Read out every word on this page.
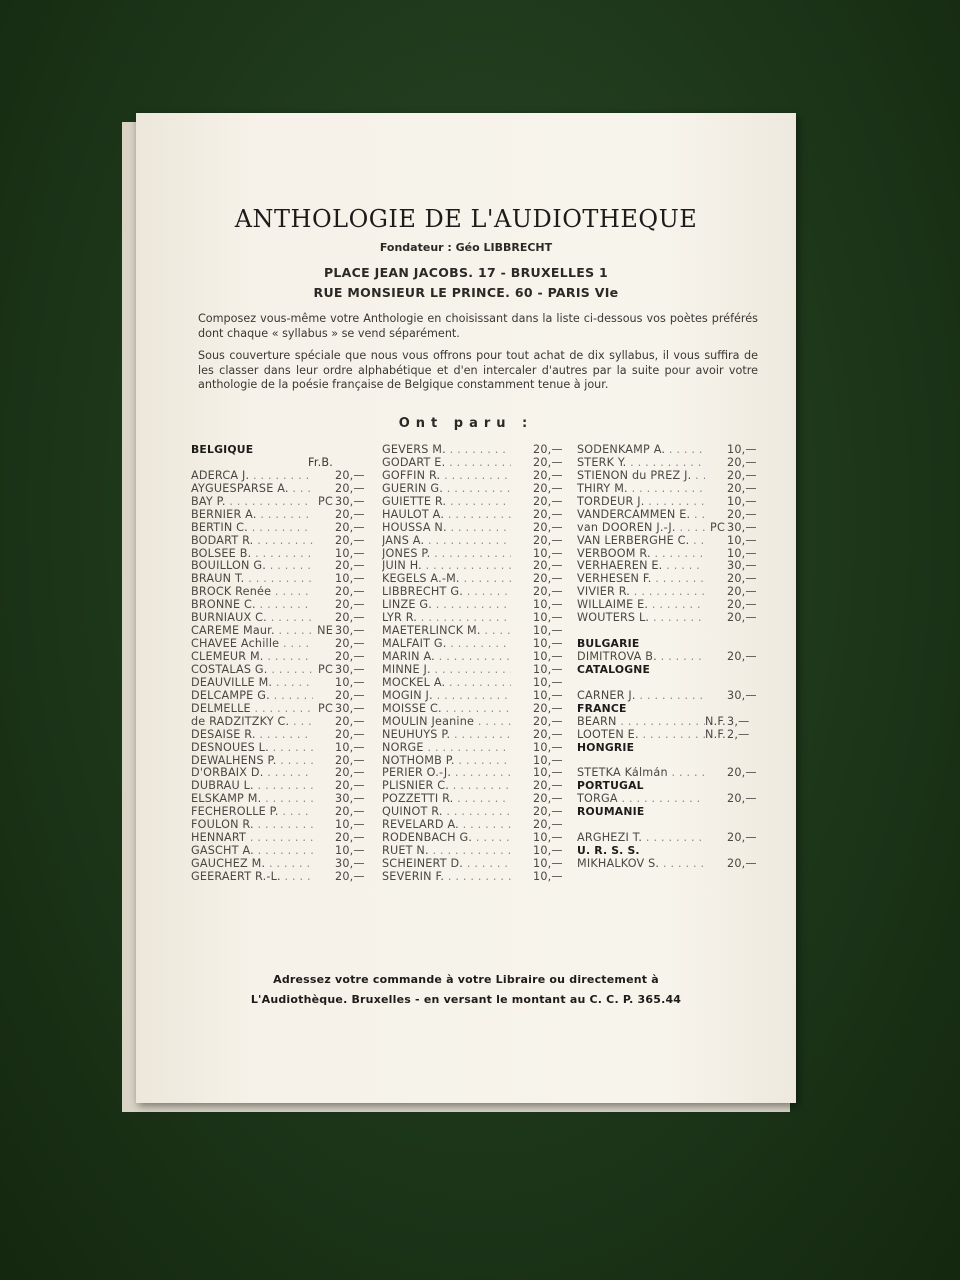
ANTHOLOGIE DE L'AUDIOTHEQUE
Fondateur : Géo LIBBRECHT
PLACE JEAN JACOBS. 17 - BRUXELLES 1
RUE MONSIEUR LE PRINCE. 60 - PARIS VIe
Composez vous-même votre Anthologie en choisissant dans la liste ci-dessous vos poètes préférés dont chaque « syllabus » se vend séparément.
Sous couverture spéciale que nous vous offrons pour tout achat de dix syllabus, il vous suffira de les classer dans leur ordre alphabétique et d'en intercaler d'autres par la suite pour avoir votre anthologie de la poésie française de Belgique constamment tenue à jour.
Ont paru :
BELGIQUE
Fr.B.
ADERCA J. . . .	20,—
AYGUESPARSE A. . . .	20,—
BAY P. . . .	PC 30,—
BERNIER A. . . .	20,—
BERTIN C. . . .	20,—
BODART R. . . .	20,—
BOLSEE B. . . .	10,—
BOUILLON G. . . .	20,—
BRAUN T. . . .	10,—
BROCK Renée . . .	20,—
BRONNE C. . . .	20,—
BURNIAUX C. . . .	20,—
CAREME Maur. . . .	NE 30,—
CHAVEE Achille . . .	20,—
CLEMEUR M. . . .	20,—
COSTALAS G. . . .	PC 30,—
DEAUVILLE M. . . .	10,—
DELCAMPE G. . . .	20,—
DELMELLE . . .	PC 30,—
de RADZITZKY C. . . .	20,—
DESAISE R. . . .	20,—
DESNOUES L. . . .	10,—
DEWALHENS P. . . .	20,—
D'ORBAIX D. . . .	20,—
DUBRAU L. . . .	20,—
ELSKAMP M. . . .	30,—
FECHEROLLE P. . . .	20,—
FOULON R. . . .	10,—
HENNART . . .	20,—
GASCHT A. . . .	10,—
GAUCHEZ M. . . .	30,—
GEERAERT R.-L. . . .	20,—
GEVERS M. . . .	20,—
GODART E. . . .	20,—
GOFFIN R. . . .	20,—
GUERIN G. . . .	20,—
GUIETTE R. . . .	20,—
HAULOT A. . . .	20,—
HOUSSA N. . . .	20,—
JANS A. . . .	20,—
JONES P. . . .	10,—
JUIN H. . . .	20,—
KEGELS A.-M. . . .	20,—
LIBBRECHT G. . . .	20,—
LINZE G. . . .	10,—
LYR R. . . .	10,—
MAETERLINCK M. . . .	10,—
MALFAIT G. . . .	10,—
MARIN A. . . .	10,—
MINNE J. . . .	10,—
MOCKEL A. . . .	10,—
MOGIN J. . . .	10,—
MOISSE C. . . .	20,—
MOULIN Jeanine . . .	20,—
NEUHUYS P. . . .	20,—
NORGE . . .	10,—
NOTHOMB P. . . .	10,—
PERIER O.-J. . . .	10,—
PLISNIER C. . . .	20,—
POZZETTI R. . . .	20,—
QUINOT R. . . .	20,—
REVELARD A. . . .	20,—
RODENBACH G. . . .	10,—
RUET N. . . .	10,—
SCHEINERT D. . . .	10,—
SEVERIN F. . . .	10,—
SODENKAMP A. . . .	10,—
STERK Y. . . .	20,—
STIENON du PREZ J. . . .	20,—
THIRY M. . . .	20,—
TORDEUR J. . . .	10,—
VANDERCAMMEN E. . . .	20,—
van DOOREN J.-J. . . .	PC 30,—
VAN LERBERGHE C. . . .	10,—
VERBOOM R. . . .	10,—
VERHAEREN E. . . .	30,—
VERHESEN F. . . .	20,—
VIVIER R. . . .	20,—
WILLAIME E. . . .	20,—
WOUTERS L. . . .	20,—
BULGARIE
DIMITROVA B. . . .	20,—
CATALOGNE
CARNER J. . . .	30,—
FRANCE
BEARN . . .	N.F. 3,—
LOOTEN E. . . .	N.F. 2,—
HONGRIE
STETKA Kálmán . . .	20,—
PORTUGAL
TORGA . . .	20,—
ROUMANIE
ARGHEZI T. . . .	20,—
U. R. S. S.
MIKHALKOV S. . . .	20,—
Adressez votre commande à votre Libraire ou directement à
L'Audiothèque. Bruxelles - en versant le montant au C. C. P. 365.44
